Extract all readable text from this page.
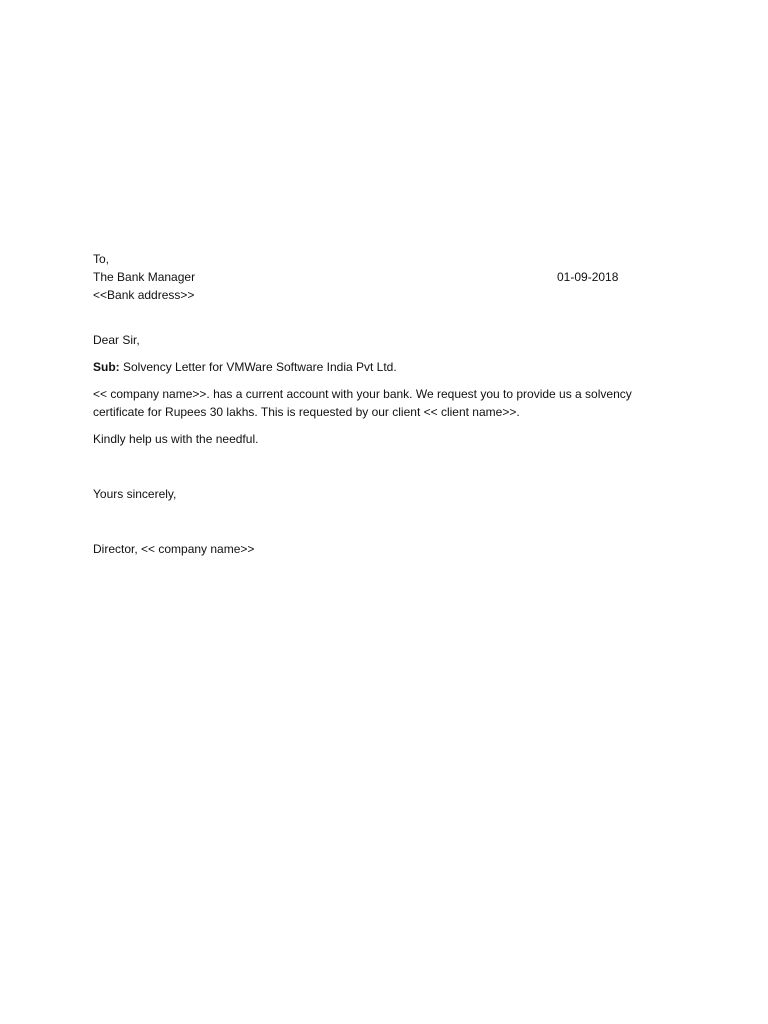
To,
The Bank Manager	01-09-2018
<<Bank address>>
Dear Sir,
Sub: Solvency Letter for VMWare Software India Pvt Ltd.
<< company name>>. has a current account with your bank. We request you to provide us a solvency
certificate for Rupees 30 lakhs. This is requested by our client << client name>>.
Kindly help us with the needful.
Yours sincerely,
Director, << company name>>
